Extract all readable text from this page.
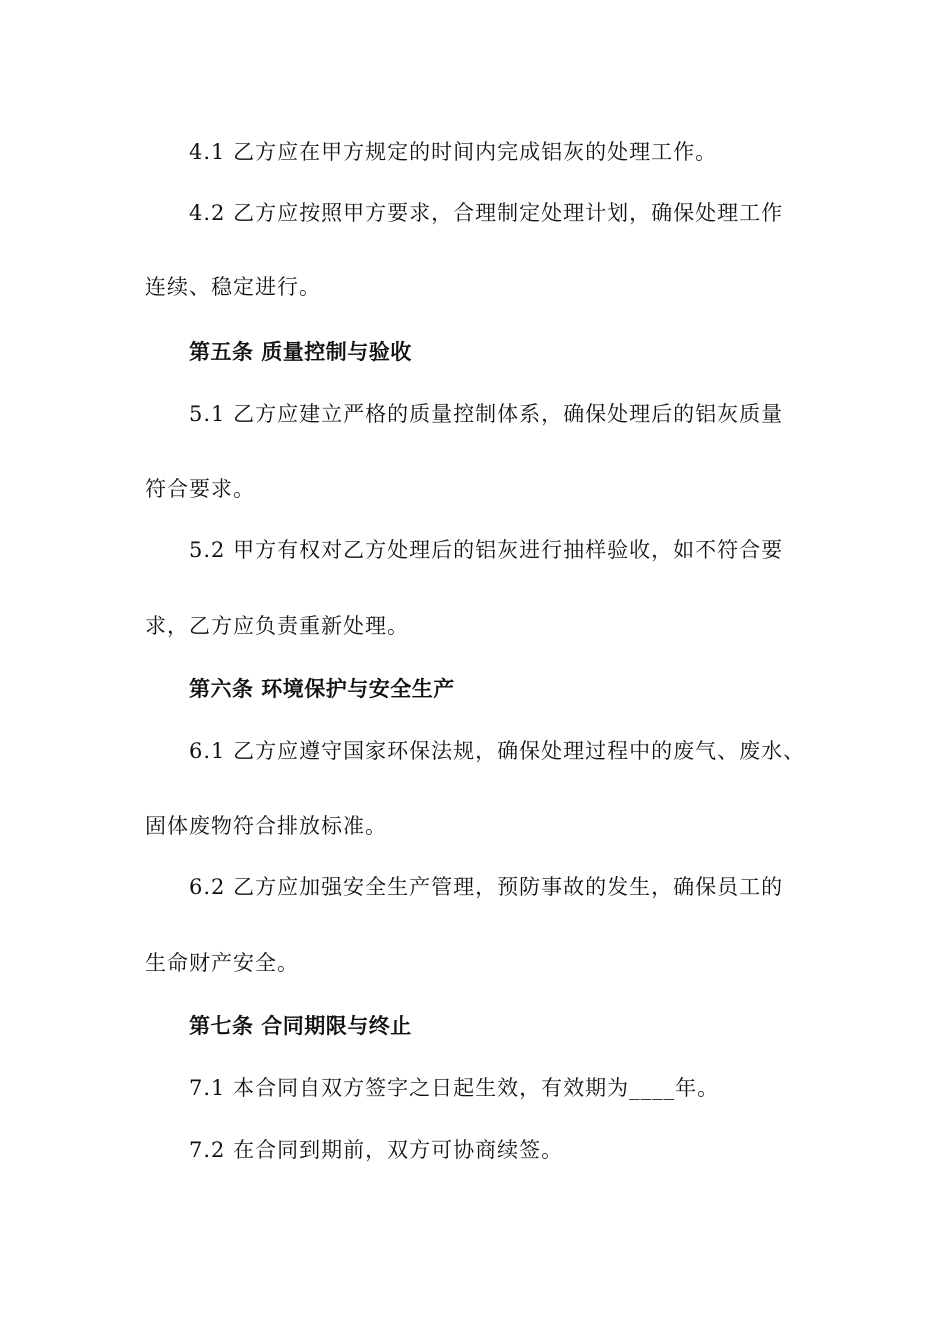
4.1 乙方应在甲方规定的时间内完成铝灰的处理工作。
4.2 乙方应按照甲方要求，合理制定处理计划，确保处理工作
连续、稳定进行。
第五条 质量控制与验收
5.1 乙方应建立严格的质量控制体系，确保处理后的铝灰质量
符合要求。
5.2 甲方有权对乙方处理后的铝灰进行抽样验收，如不符合要
求，乙方应负责重新处理。
第六条 环境保护与安全生产
6.1 乙方应遵守国家环保法规，确保处理过程中的废气、废水、
固体废物符合排放标准。
6.2 乙方应加强安全生产管理，预防事故的发生，确保员工的
生命财产安全。
第七条 合同期限与终止
7.1 本合同自双方签字之日起生效，有效期为____年。
7.2 在合同到期前，双方可协商续签。
